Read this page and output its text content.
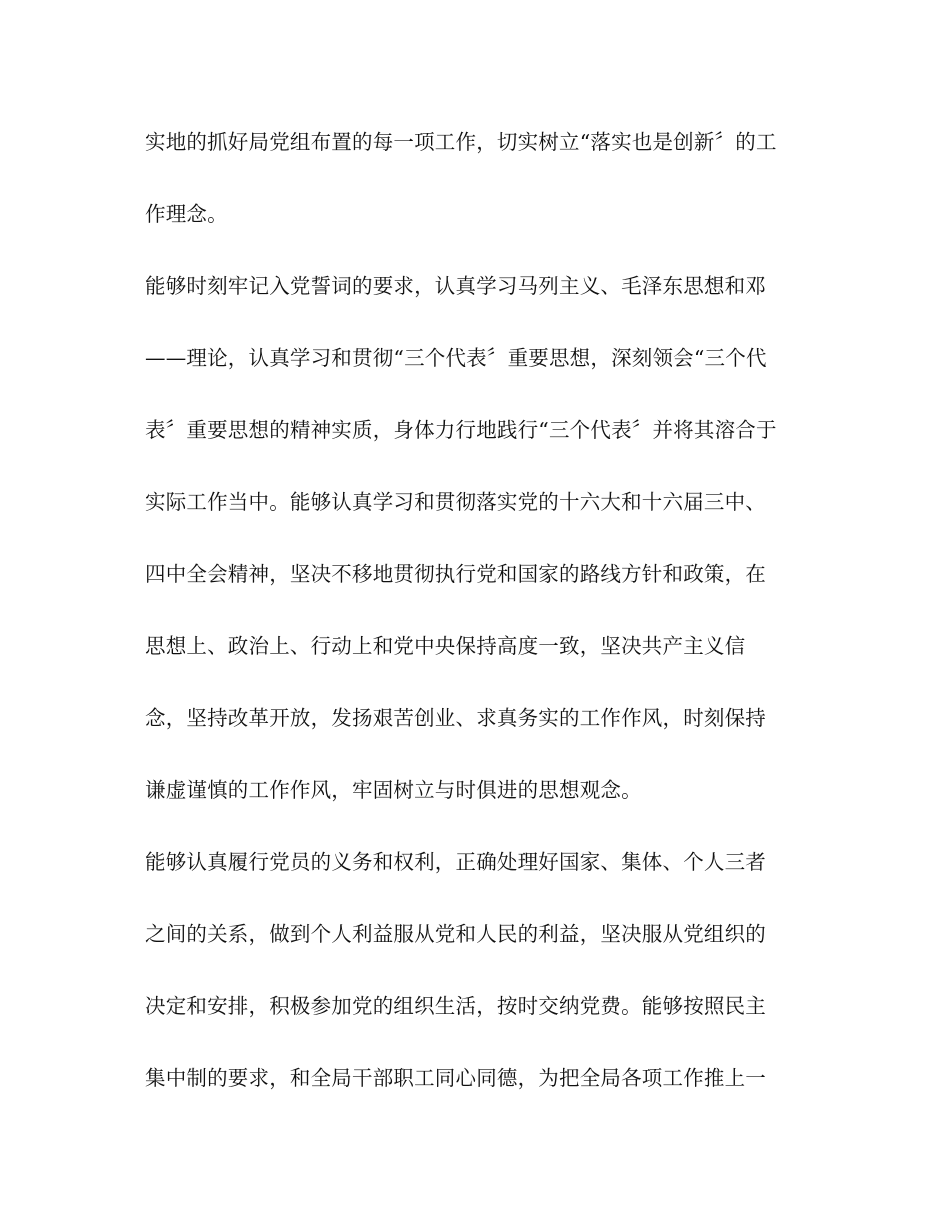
实地的抓好局党组布置的每一项工作，切实树立“落实也是创新〞的工
作理念。
能够时刻牢记入党誓词的要求，认真学习马列主义、毛泽东思想和邓
——理论，认真学习和贯彻“三个代表〞重要思想，深刻领会“三个代
表〞重要思想的精神实质，身体力行地践行“三个代表〞并将其溶合于
实际工作当中。能够认真学习和贯彻落实党的十六大和十六届三中、
四中全会精神，坚决不移地贯彻执行党和国家的路线方针和政策，在
思想上、政治上、行动上和党中央保持高度一致，坚决共产主义信
念，坚持改革开放，发扬艰苦创业、求真务实的工作作风，时刻保持
谦虚谨慎的工作作风，牢固树立与时俱进的思想观念。
能够认真履行党员的义务和权利，正确处理好国家、集体、个人三者
之间的关系，做到个人利益服从党和人民的利益，坚决服从党组织的
决定和安排，积极参加党的组织生活，按时交纳党费。能够按照民主
集中制的要求，和全局干部职工同心同德，为把全局各项工作推上一
